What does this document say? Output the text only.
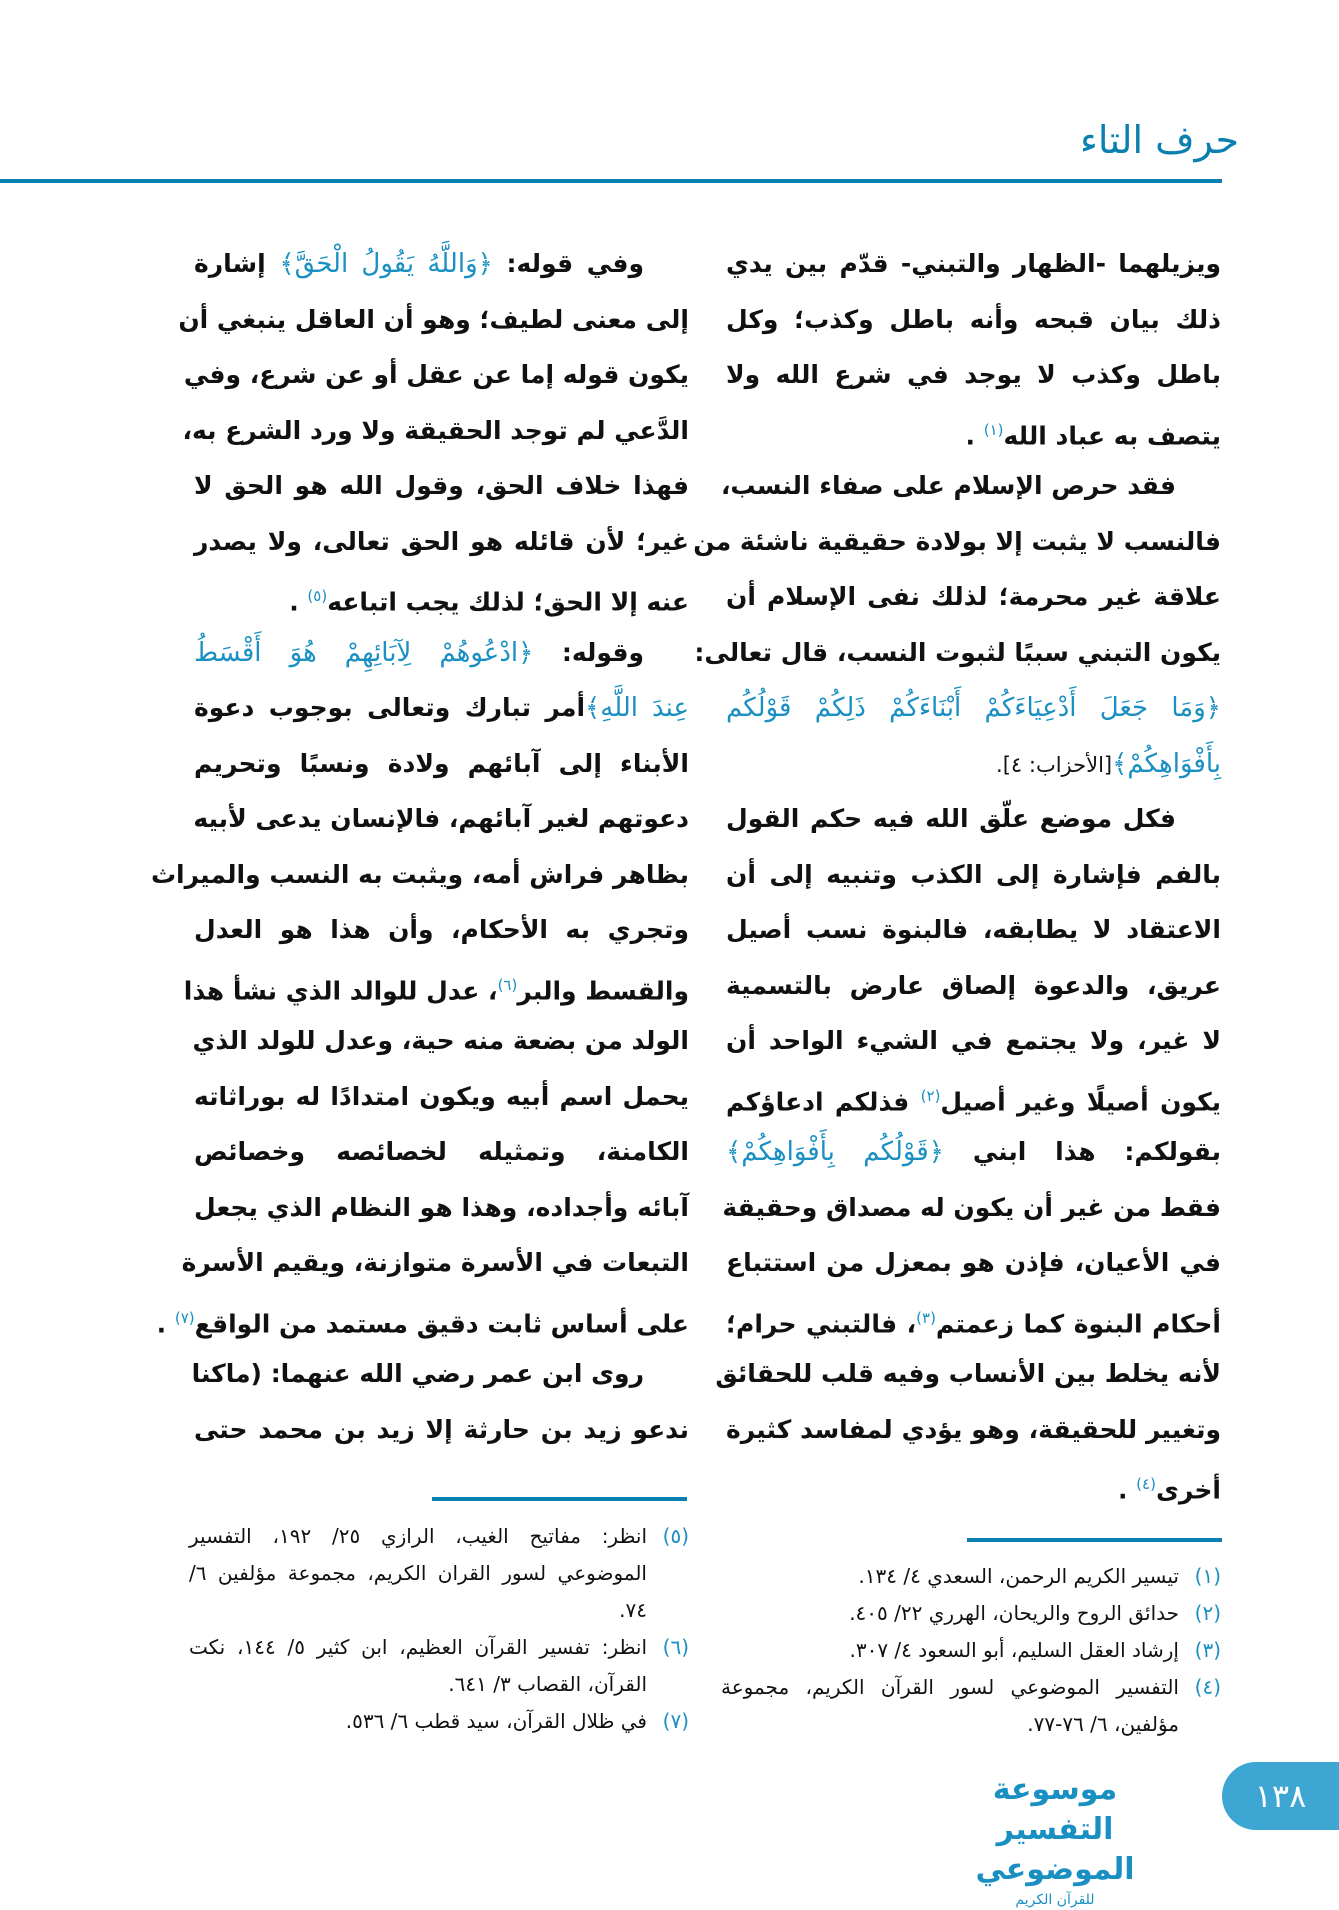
حرف التاء
ويزيلهما -الظهار والتبني- قدّم بين يدي
ذلك بيان قبحه وأنه باطل وكذب؛ وكل
باطل وكذب لا يوجد في شرع الله ولا
يتصف به عباد الله$^{(١)}$ .
فقد حرص الإسلام على صفاء النسب،
فالنسب لا يثبت إلا بولادة حقيقية ناشئة من
علاقة غير محرمة؛ لذلك نفى الإسلام أن
يكون التبني سببًا لثبوت النسب، قال تعالى:
﴿وَمَا جَعَلَ أَدْعِيَاءَكُمْ أَبْنَاءَكُمْ ذَلِكُمْ قَوْلُكُم
بِأَفْوَاهِكُمْ﴾[الأحزاب: ٤].
فكل موضع علّق الله فيه حكم القول
بالفم فإشارة إلى الكذب وتنبيه إلى أن
الاعتقاد لا يطابقه، فالبنوة نسب أصيل
عريق، والدعوة إلصاق عارض بالتسمية
لا غير، ولا يجتمع في الشيء الواحد أن
يكون أصيلًا وغير أصيل$^{(٢)}$ فذلكم ادعاؤكم
بقولكم: هذا ابني ﴿قَوْلُكُم بِأَفْوَاهِكُمْ﴾
فقط من غير أن يكون له مصداق وحقيقة
في الأعيان، فإذن هو بمعزل من استتباع
أحكام البنوة كما زعمتم$^{(٣)}$، فالتبني حرام؛
لأنه يخلط بين الأنساب وفيه قلب للحقائق
وتغيير للحقيقة، وهو يؤدي لمفاسد كثيرة
أخرى$^{(٤)}$ .
وفي قوله: ﴿وَاللَّهُ يَقُولُ الْحَقَّ﴾ إشارة
إلى معنى لطيف؛ وهو أن العاقل ينبغي أن
يكون قوله إما عن عقل أو عن شرع، وفي
الدَّعي لم توجد الحقيقة ولا ورد الشرع به،
فهذا خلاف الحق، وقول الله هو الحق لا
غير؛ لأن قائله هو الحق تعالى، ولا يصدر
عنه إلا الحق؛ لذلك يجب اتباعه$^{(٥)}$ .
وقوله: ﴿ادْعُوهُمْ لِآبَائِهِمْ هُوَ أَقْسَطُ
عِندَ اللَّهِ﴾أمر تبارك وتعالى بوجوب دعوة
الأبناء إلى آبائهم ولادة ونسبًا وتحريم
دعوتهم لغير آبائهم، فالإنسان يدعى لأبيه
بظاهر فراش أمه، ويثبت به النسب والميراث
وتجري به الأحكام، وأن هذا هو العدل
والقسط والبر$^{(٦)}$، عدل للوالد الذي نشأ هذا
الولد من بضعة منه حية، وعدل للولد الذي
يحمل اسم أبيه ويكون امتدادًا له بوراثاته
الكامنة، وتمثيله لخصائصه وخصائص
آبائه وأجداده، وهذا هو النظام الذي يجعل
التبعات في الأسرة متوازنة، ويقيم الأسرة
على أساس ثابت دقيق مستمد من الواقع$^{(٧)}$ .
روى ابن عمر رضي الله عنهما: (ماكنا
ندعو زيد بن حارثة إلا زيد بن محمد حتى
(١)
تيسير الكريم الرحمن، السعدي ٤/ ١٣٤.
(٢)
حدائق الروح والريحان، الهرري ٢٢/ ٤٠٥.
(٣)
إرشاد العقل السليم، أبو السعود ٤/ ٣٠٧.
(٤)
التفسير الموضوعي لسور القرآن الكريم، مجموعة مؤلفين، ٦/ ٧٦-٧٧.
(٥)
انظر: مفاتيح الغيب، الرازي ٢٥/ ١٩٢، التفسير الموضوعي لسور القران الكريم، مجموعة مؤلفين ٦/ ٧٤.
(٦)
انظر: تفسير القرآن العظيم، ابن كثير ٥/ ١٤٤، نكت القرآن، القصاب ٣/ ٦٤١.
(٧)
في ظلال القرآن، سيد قطب ٦/ ٥٣٦.
موسوعة التفسير الموضوعي
للقرآن الكريم
١٣٨
